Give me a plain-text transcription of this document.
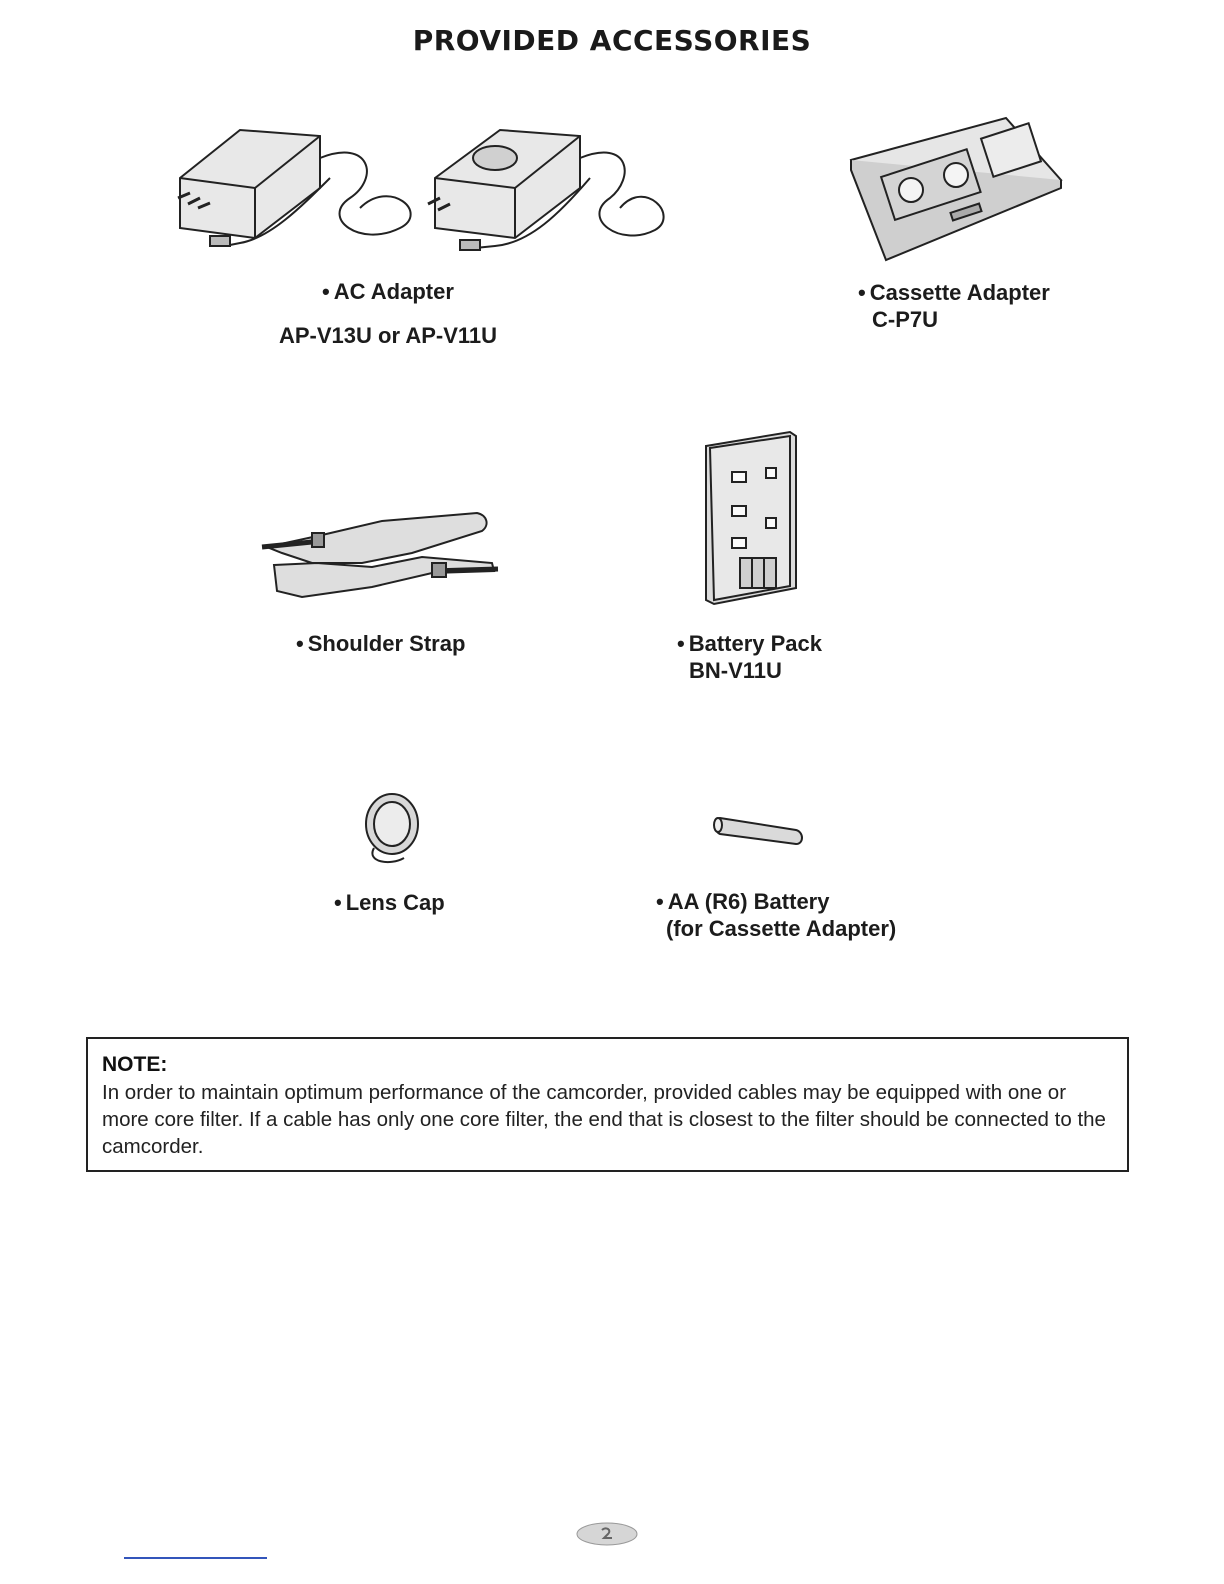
PROVIDED ACCESSORIES
• AC Adapter
AP-V13U or AP-V11U
• Cassette Adapter
C-P7U
• Shoulder Strap	• Battery Pack
BN-V11U
• Lens Cap	• AA (R6) Battery
(for Cassette Adapter)
NOTE:
In order to maintain optimum performance of the camcorder, provided cables may be equipped with one or more core filter. If a cable has only one core filter, the end that is closest to the filter should be connected to the camcorder.
